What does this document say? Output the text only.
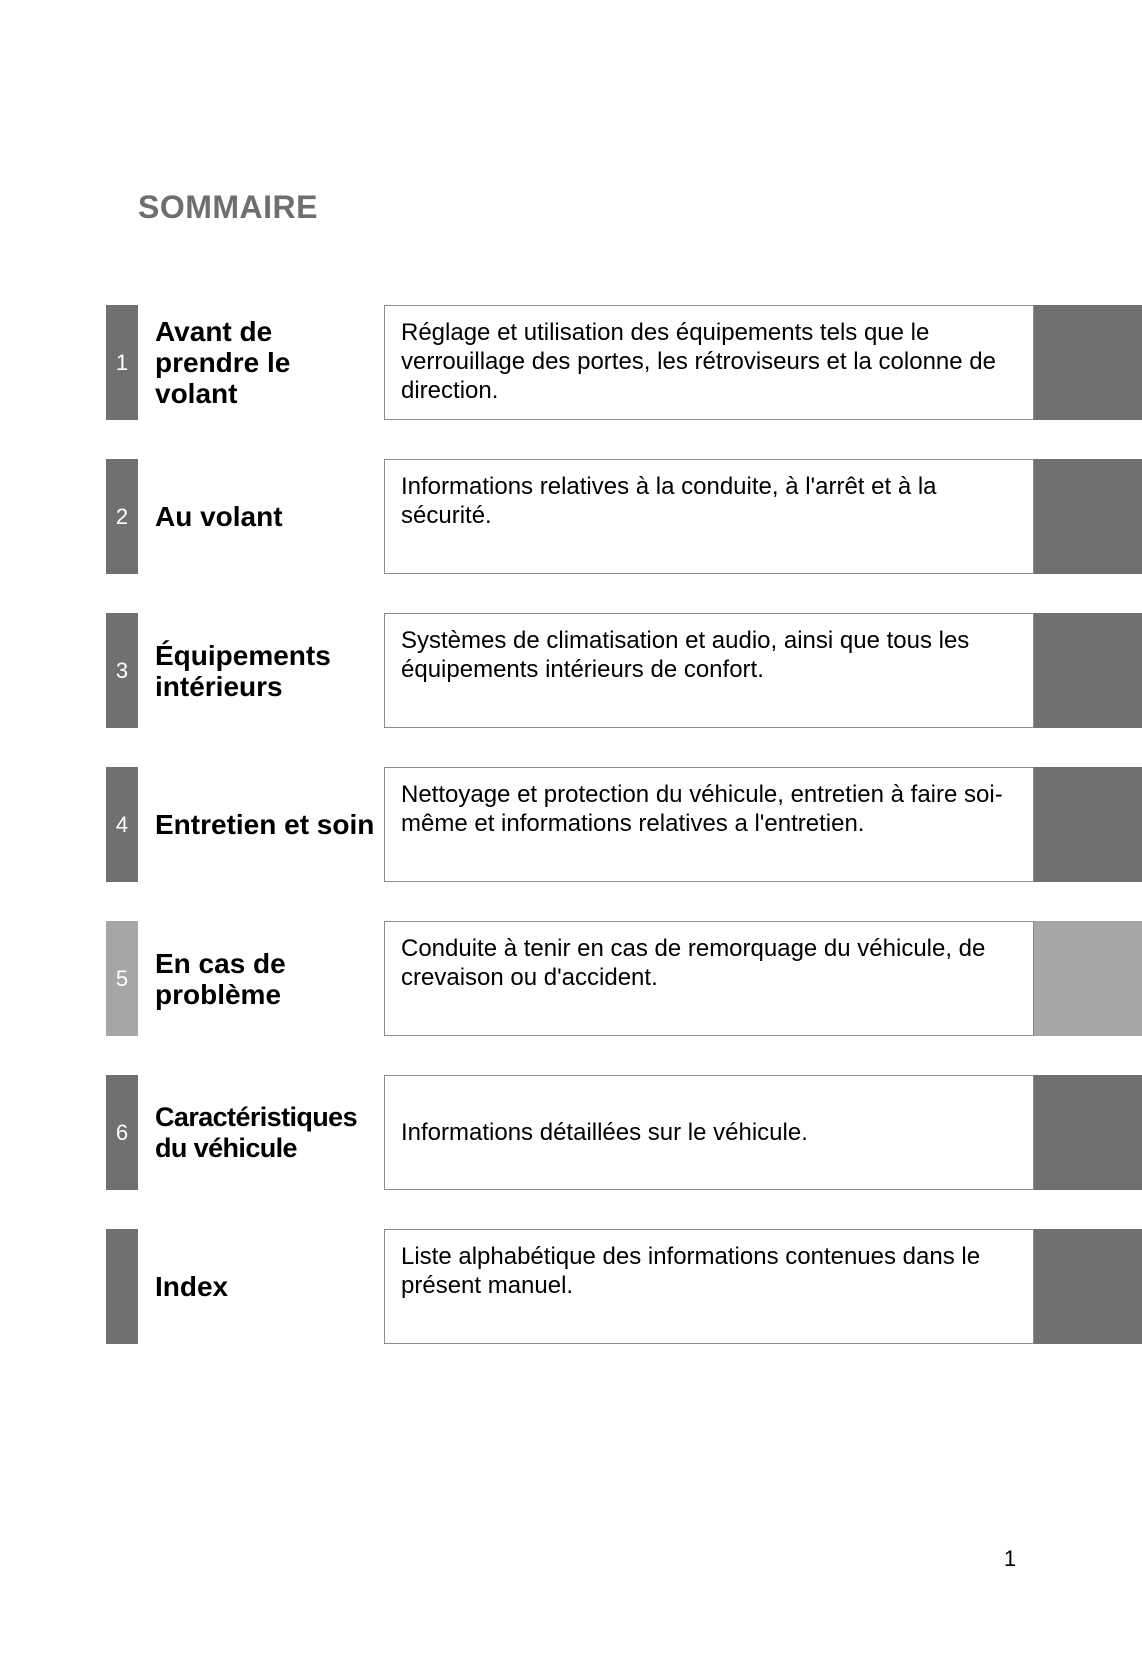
SOMMAIRE
1
Avant de prendre le volant
Réglage et utilisation des équipements tels que le verrouillage des portes, les rétroviseurs et la colonne de direction.
2 Au volant
Informations relatives à la conduite, à l'arrêt et à la sécurité.
3 Équipements intérieurs
Systèmes de climatisation et audio, ainsi que tous les équipements intérieurs de confort.
4 Entretien et soin
Nettoyage et protection du véhicule, entretien à faire soi-même et informations relatives a l'entretien.
5 En cas de problème
Conduite à tenir en cas de remorquage du véhicule, de crevaison ou d'accident.
6
Caractéristiques du véhicule	Informations détaillées sur le véhicule.
Index
Liste alphabétique des informations contenues dans le présent manuel.
1
